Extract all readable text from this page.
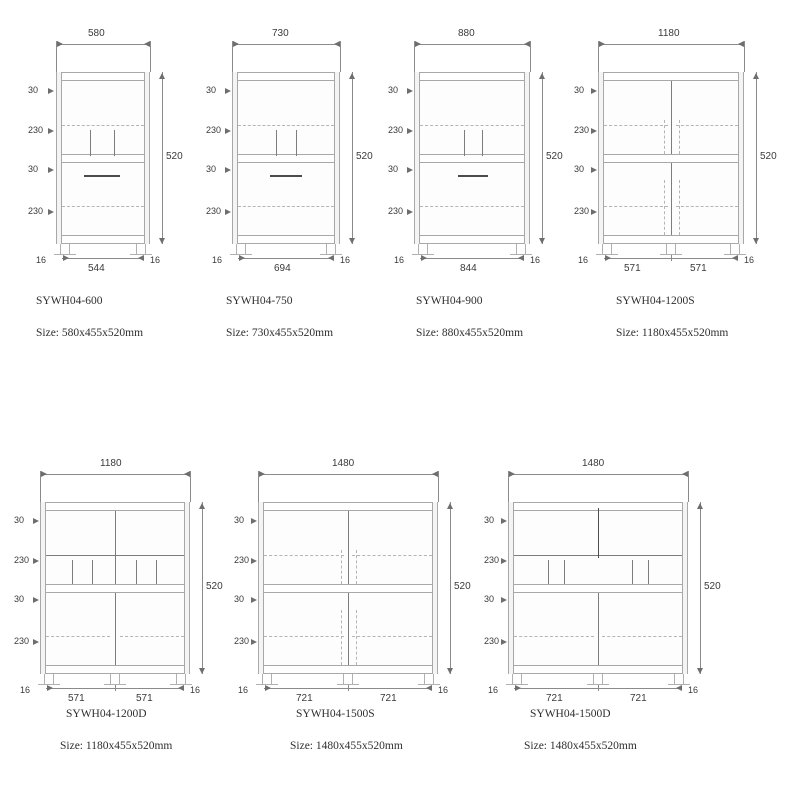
580
30
230
30
230
520
544
16	16
SYWH04-600
Size: 580x455x520mm
730
30
230
30
230
520
694
16	16
SYWH04-750
Size: 730x455x520mm
880
30
230
30
230
520
844
16	16
SYWH04-900
Size: 880x455x520mm
1180
30
230
30
230
520
571	571
16	16
SYWH04-1200S
Size: 1180x455x520mm
1180
30
230
30
230
520
571	571
16	16
SYWH04-1200D
Size: 1180x455x520mm
1480
30
230
30
230
520
721	721
16	16
SYWH04-1500S
Size: 1480x455x520mm
1480
30
230
30
230
520
721	721
16	16
SYWH04-1500D
Size: 1480x455x520mm
